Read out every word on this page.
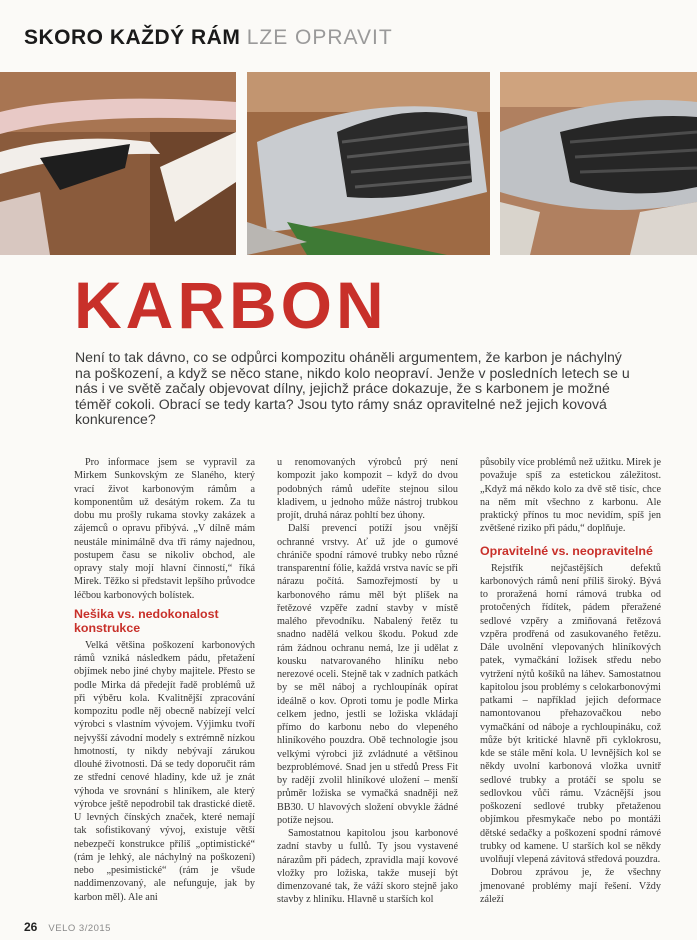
SKORO KAŽDÝ RÁM LZE OPRAVIT
KARBON
Není to tak dávno, co se odpůrci kompozitu oháněli argumentem, že karbon je náchylný na poškození, a když se něco stane, nikdo kolo neopraví. Jenže v posledních letech se u nás i ve světě začaly objevovat dílny, jejichž práce dokazuje, že s karbonem je možné téměř cokoli. Obrací se tedy karta? Jsou tyto rámy snáz opravitelné než jejich kovová konkurence?

Pro informace jsem se vypravil za Mirkem Sunkovským ze Slaného, který vrací život karbonovým rámům a komponentům už desátým rokem. Za tu dobu mu prošly rukama stovky zakázek a zájemců o opravu přibývá. „V dílně mám neustále minimálně dva tři rámy najednou, postupem času se nikoliv obchod, ale opravy staly mojí hlavní činností,“ říká Mirek. Těžko si představit lepšího průvodce léčbou karbonových bolístek.

Nešika vs. nedokonalost konstrukce

Velká většina poškození karbonových rámů vzniká následkem pádu, přetažení objímek nebo jiné chyby majitele. Přesto se podle Mirka dá předejít řadě problémů už při výběru kola. Kvalitnější zpracování kompozitu podle něj obecně nabízejí velcí výrobci s vlastním vývojem. Výjimku tvoří nejvyšší závodní modely s extrémně nízkou hmotností, ty nikdy nebývají zárukou dlouhé životnosti. Dá se tedy doporučit rám ze střední cenové hladiny, kde už je znát výhoda ve srovnání s hliníkem, ale který výrobce ještě nepodrobil tak drastické dietě. U levných čínských značek, které nemají tak sofistikovaný vývoj, existuje větší nebezpečí konstrukce příliš „optimistické“ (rám je lehký, ale náchylný na poškození) nebo „pesimistické“ (rám je všude naddimenzovaný, ale nefunguje, jak by karbon měl). Ale ani

u renomovaných výrobců prý není kompozit jako kompozit – když do dvou podobných rámů udeříte stejnou silou kladivem, u jednoho může nástroj trubkou projít, druhá náraz pohltí bez úhony.

Další prevencí potíží jsou vnější ochranné vrstvy. Ať už jde o gumové chrániče spodní rámové trubky nebo různé transparentní fólie, každá vrstva navíc se při nárazu počítá. Samozřejmostí by u karbonového rámu měl být plíšek na řetězové vzpěře zadní stavby v místě malého převodníku. Nabalený řetěz tu snadno nadělá velkou škodu. Pokud zde rám žádnou ochranu nemá, lze ji udělat z kousku natvarovaného hliníku nebo nerezové oceli. Stejně tak v zadních patkách by se měl náboj a rychloupínák opírat ideálně o kov. Oproti tomu je podle Mirka celkem jedno, jestli se ložiska vkládají přímo do karbonu nebo do vlepeného hliníkového pouzdra. Obě technologie jsou velkými výrobci již zvládnuté a většinou bezproblémové. Snad jen u středů Press Fit by radějí zvolil hliníkové uložení – menší průměr ložiska se vymačká snadněji než BB30. U hlavových složení obvykle žádné potíže nejsou.

Samostatnou kapitolou jsou karbonové zadní stavby u fullů. Ty jsou vystavené nárazům při pádech, zpravidla mají kovové vložky pro ložiska, takže musejí být dimenzované tak, že váží skoro stejně jako stavby z hliníku. Hlavně u starších kol

působily více problémů než užitku. Mirek je považuje spíš za estetickou záležitost. „Když má někdo kolo za dvě stě tisíc, chce na něm mít všechno z karbonu. Ale praktický přínos tu moc nevidím, spíš jen zvětšené riziko při pádu,“ doplňuje.

Opravitelné vs. neopravitelné

Rejstřík nejčastějších defektů karbonových rámů není příliš široký. Bývá to proražená horní rámová trubka od protočených řídítek, pádem přeražené sedlové vzpěry a zmiňovaná řetězová vzpěra prodřená od zasukovaného řetězu. Dále uvolnění vlepovaných hliníkových patek, vymačkání ložisek středu nebo vytržení nýtů košíků na láhev. Samostatnou kapitolou jsou problémy s celokarbonovými patkami – například jejich deformace namontovanou přehazovačkou nebo vymačkání od náboje a rychloupináku, což může být kritické hlavně při cyklokrosu, kde se stále mění kola. U levnějších kol se někdy uvolní karbonová vložka uvnitř sedlové trubky a protáčí se spolu se sedlovkou vůči rámu. Vzácnější jsou poškození sedlové trubky přetaženou objímkou přesmykače nebo po montáži dětské sedačky a poškození spodní rámové trubky od kamene. U starších kol se někdy uvolňují vlepená závitová středová pouzdra.

Dobrou zprávou je, že všechny jmenované problémy mají řešení. Vždy záleží

26 VELO 3/2015
